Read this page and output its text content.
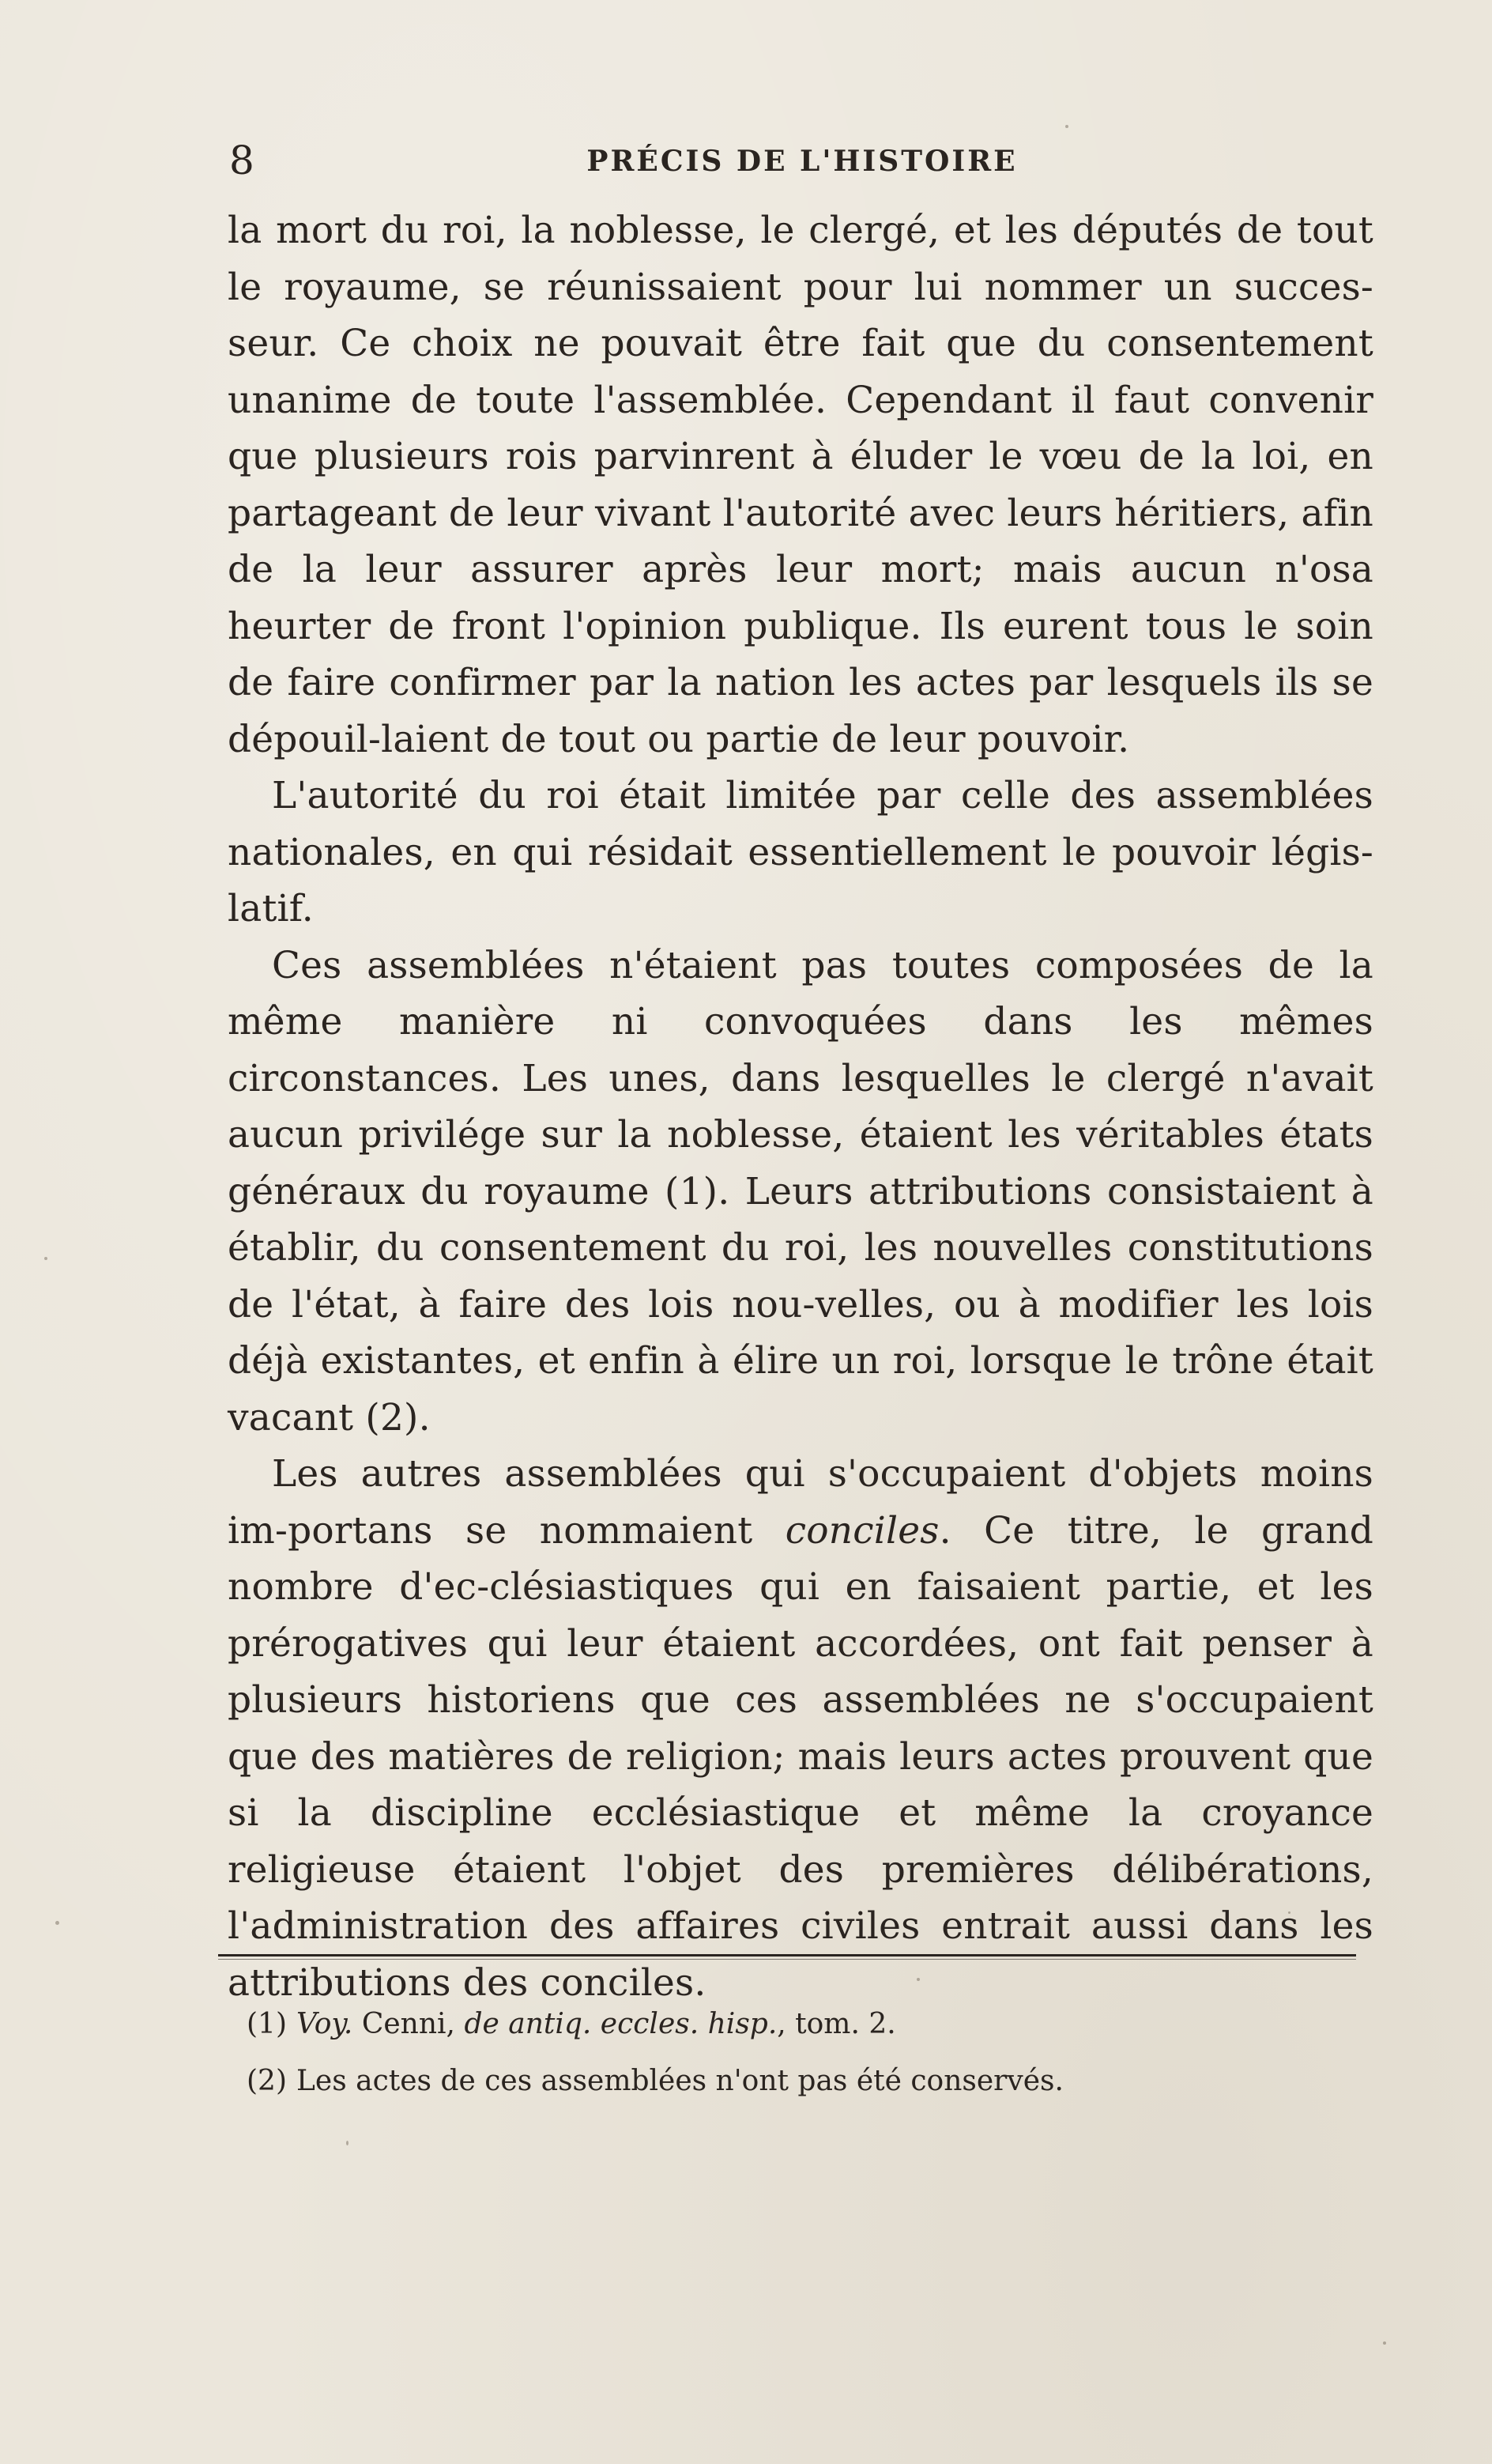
8	PRÉCIS DE L'HISTOIRE

la mort du roi, la noblesse, le clergé, et les députés de tout le royaume, se réunissaient pour lui nommer un succes-seur. Ce choix ne pouvait être fait que du consentement unanime de toute l'assemblée. Cependant il faut convenir que plusieurs rois parvinrent à éluder le vœu de la loi, en partageant de leur vivant l'autorité avec leurs héritiers, afin de la leur assurer après leur mort; mais aucun n'osa heurter de front l'opinion publique. Ils eurent tous le soin de faire confirmer par la nation les actes par lesquels ils se dépouil-laient de tout ou partie de leur pouvoir.

L'autorité du roi était limitée par celle des assemblées nationales, en qui résidait essentiellement le pouvoir légis-latif.

Ces assemblées n'étaient pas toutes composées de la même manière ni convoquées dans les mêmes circonstances. Les unes, dans lesquelles le clergé n'avait aucun privilége sur la noblesse, étaient les véritables états généraux du royaume (1). Leurs attributions consistaient à établir, du consentement du roi, les nouvelles constitutions de l'état, à faire des lois nou-velles, ou à modifier les lois déjà existantes, et enfin à élire un roi, lorsque le trône était vacant (2).

Les autres assemblées qui s'occupaient d'objets moins im-portans se nommaient conciles. Ce titre, le grand nombre d'ec-clésiastiques qui en faisaient partie, et les prérogatives qui leur étaient accordées, ont fait penser à plusieurs historiens que ces assemblées ne s'occupaient que des matières de religion; mais leurs actes prouvent que si la discipline ecclésiastique et même la croyance religieuse étaient l'objet des premières délibérations, l'administration des affaires civiles entrait aussi dans les attributions des conciles.

(1) Voy. Cenni, de antiq. eccles. hisp., tom. 2.

(2) Les actes de ces assemblées n'ont pas été conservés.
